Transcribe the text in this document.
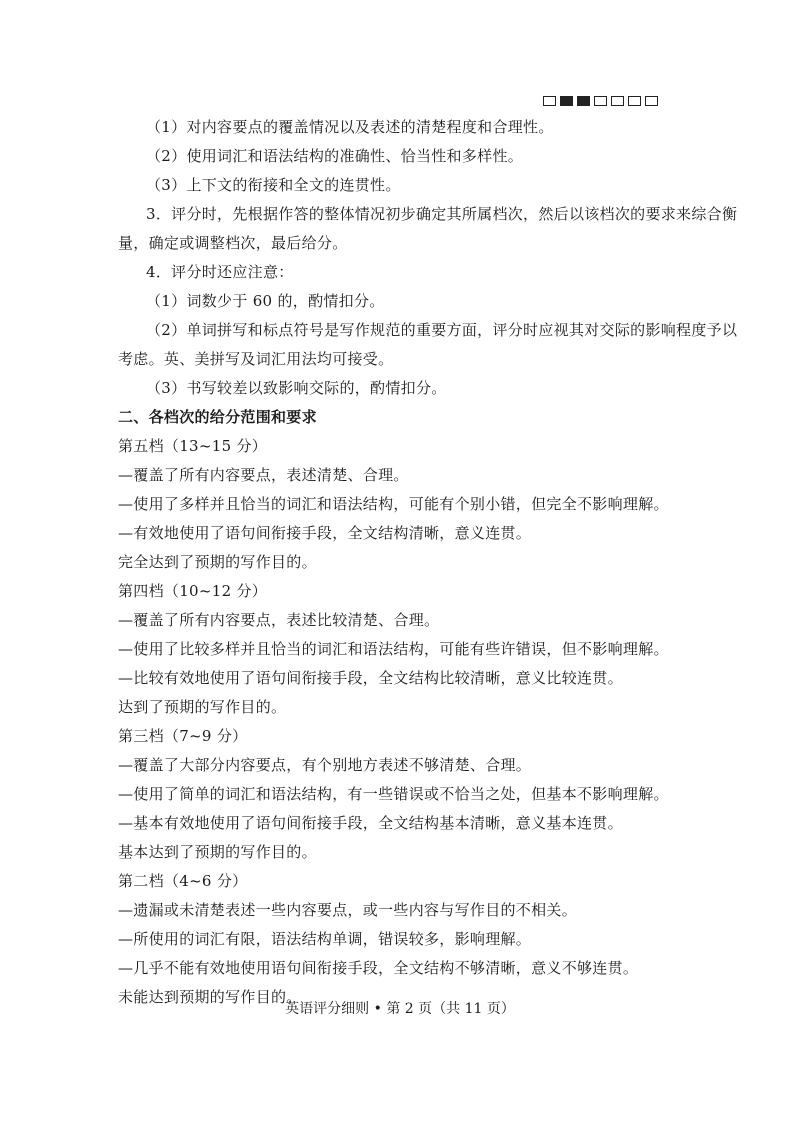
（1）对内容要点的覆盖情况以及表述的清楚程度和合理性。
（2）使用词汇和语法结构的准确性、恰当性和多样性。
（3）上下文的衔接和全文的连贯性。
3．评分时，先根据作答的整体情况初步确定其所属档次，然后以该档次的要求来综合衡
量，确定或调整档次，最后给分。
4．评分时还应注意：
（1）词数少于 60 的，酌情扣分。
（2）单词拼写和标点符号是写作规范的重要方面，评分时应视其对交际的影响程度予以
考虑。英、美拼写及词汇用法均可接受。
（3）书写较差以致影响交际的，酌情扣分。
二、各档次的给分范围和要求
第五档（13~15 分）
—覆盖了所有内容要点，表述清楚、合理。
—使用了多样并且恰当的词汇和语法结构，可能有个别小错，但完全不影响理解。
—有效地使用了语句间衔接手段，全文结构清晰，意义连贯。
完全达到了预期的写作目的。
第四档（10~12 分）
—覆盖了所有内容要点，表述比较清楚、合理。
—使用了比较多样并且恰当的词汇和语法结构，可能有些许错误，但不影响理解。
—比较有效地使用了语句间衔接手段，全文结构比较清晰，意义比较连贯。
达到了预期的写作目的。
第三档（7~9 分）
—覆盖了大部分内容要点，有个别地方表述不够清楚、合理。
—使用了简单的词汇和语法结构，有一些错误或不恰当之处，但基本不影响理解。
—基本有效地使用了语句间衔接手段，全文结构基本清晰，意义基本连贯。
基本达到了预期的写作目的。
第二档（4~6 分）
—遗漏或未清楚表述一些内容要点，或一些内容与写作目的不相关。
—所使用的词汇有限，语法结构单调，错误较多，影响理解。
—几乎不能有效地使用语句间衔接手段，全文结构不够清晰，意义不够连贯。
未能达到预期的写作目的。
英语评分细则 • 第 2 页（共 11 页）
